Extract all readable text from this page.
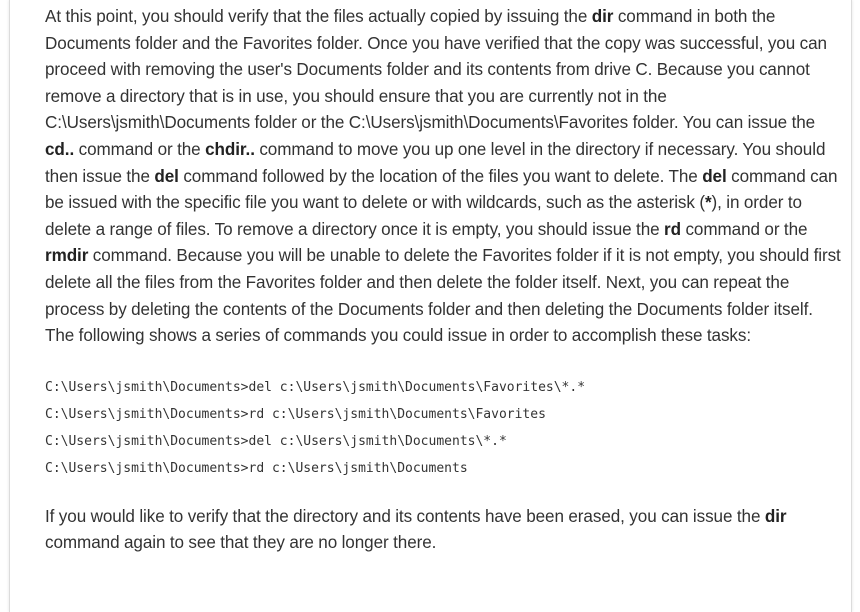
At this point, you should verify that the files actually copied by issuing the dir command in both the Documents folder and the Favorites folder. Once you have verified that the copy was successful, you can proceed with removing the user's Documents folder and its contents from drive C. Because you cannot remove a directory that is in use, you should ensure that you are currently not in the C:\Users\jsmith\Documents folder or the C:\Users\jsmith\Documents\Favorites folder. You can issue the cd.. command or the chdir.. command to move you up one level in the directory if necessary. You should then issue the del command followed by the location of the files you want to delete. The del command can be issued with the specific file you want to delete or with wildcards, such as the asterisk (*), in order to delete a range of files. To remove a directory once it is empty, you should issue the rd command or the rmdir command. Because you will be unable to delete the Favorites folder if it is not empty, you should first delete all the files from the Favorites folder and then delete the folder itself. Next, you can repeat the process by deleting the contents of the Documents folder and then deleting the Documents folder itself. The following shows a series of commands you could issue in order to accomplish these tasks:

C:\Users\jsmith\Documents>del c:\Users\jsmith\Documents\Favorites\*.*
C:\Users\jsmith\Documents>rd c:\Users\jsmith\Documents\Favorites
C:\Users\jsmith\Documents>del c:\Users\jsmith\Documents\*.*
C:\Users\jsmith\Documents>rd c:\Users\jsmith\Documents

If you would like to verify that the directory and its contents have been erased, you can issue the dir command again to see that they are no longer there.
